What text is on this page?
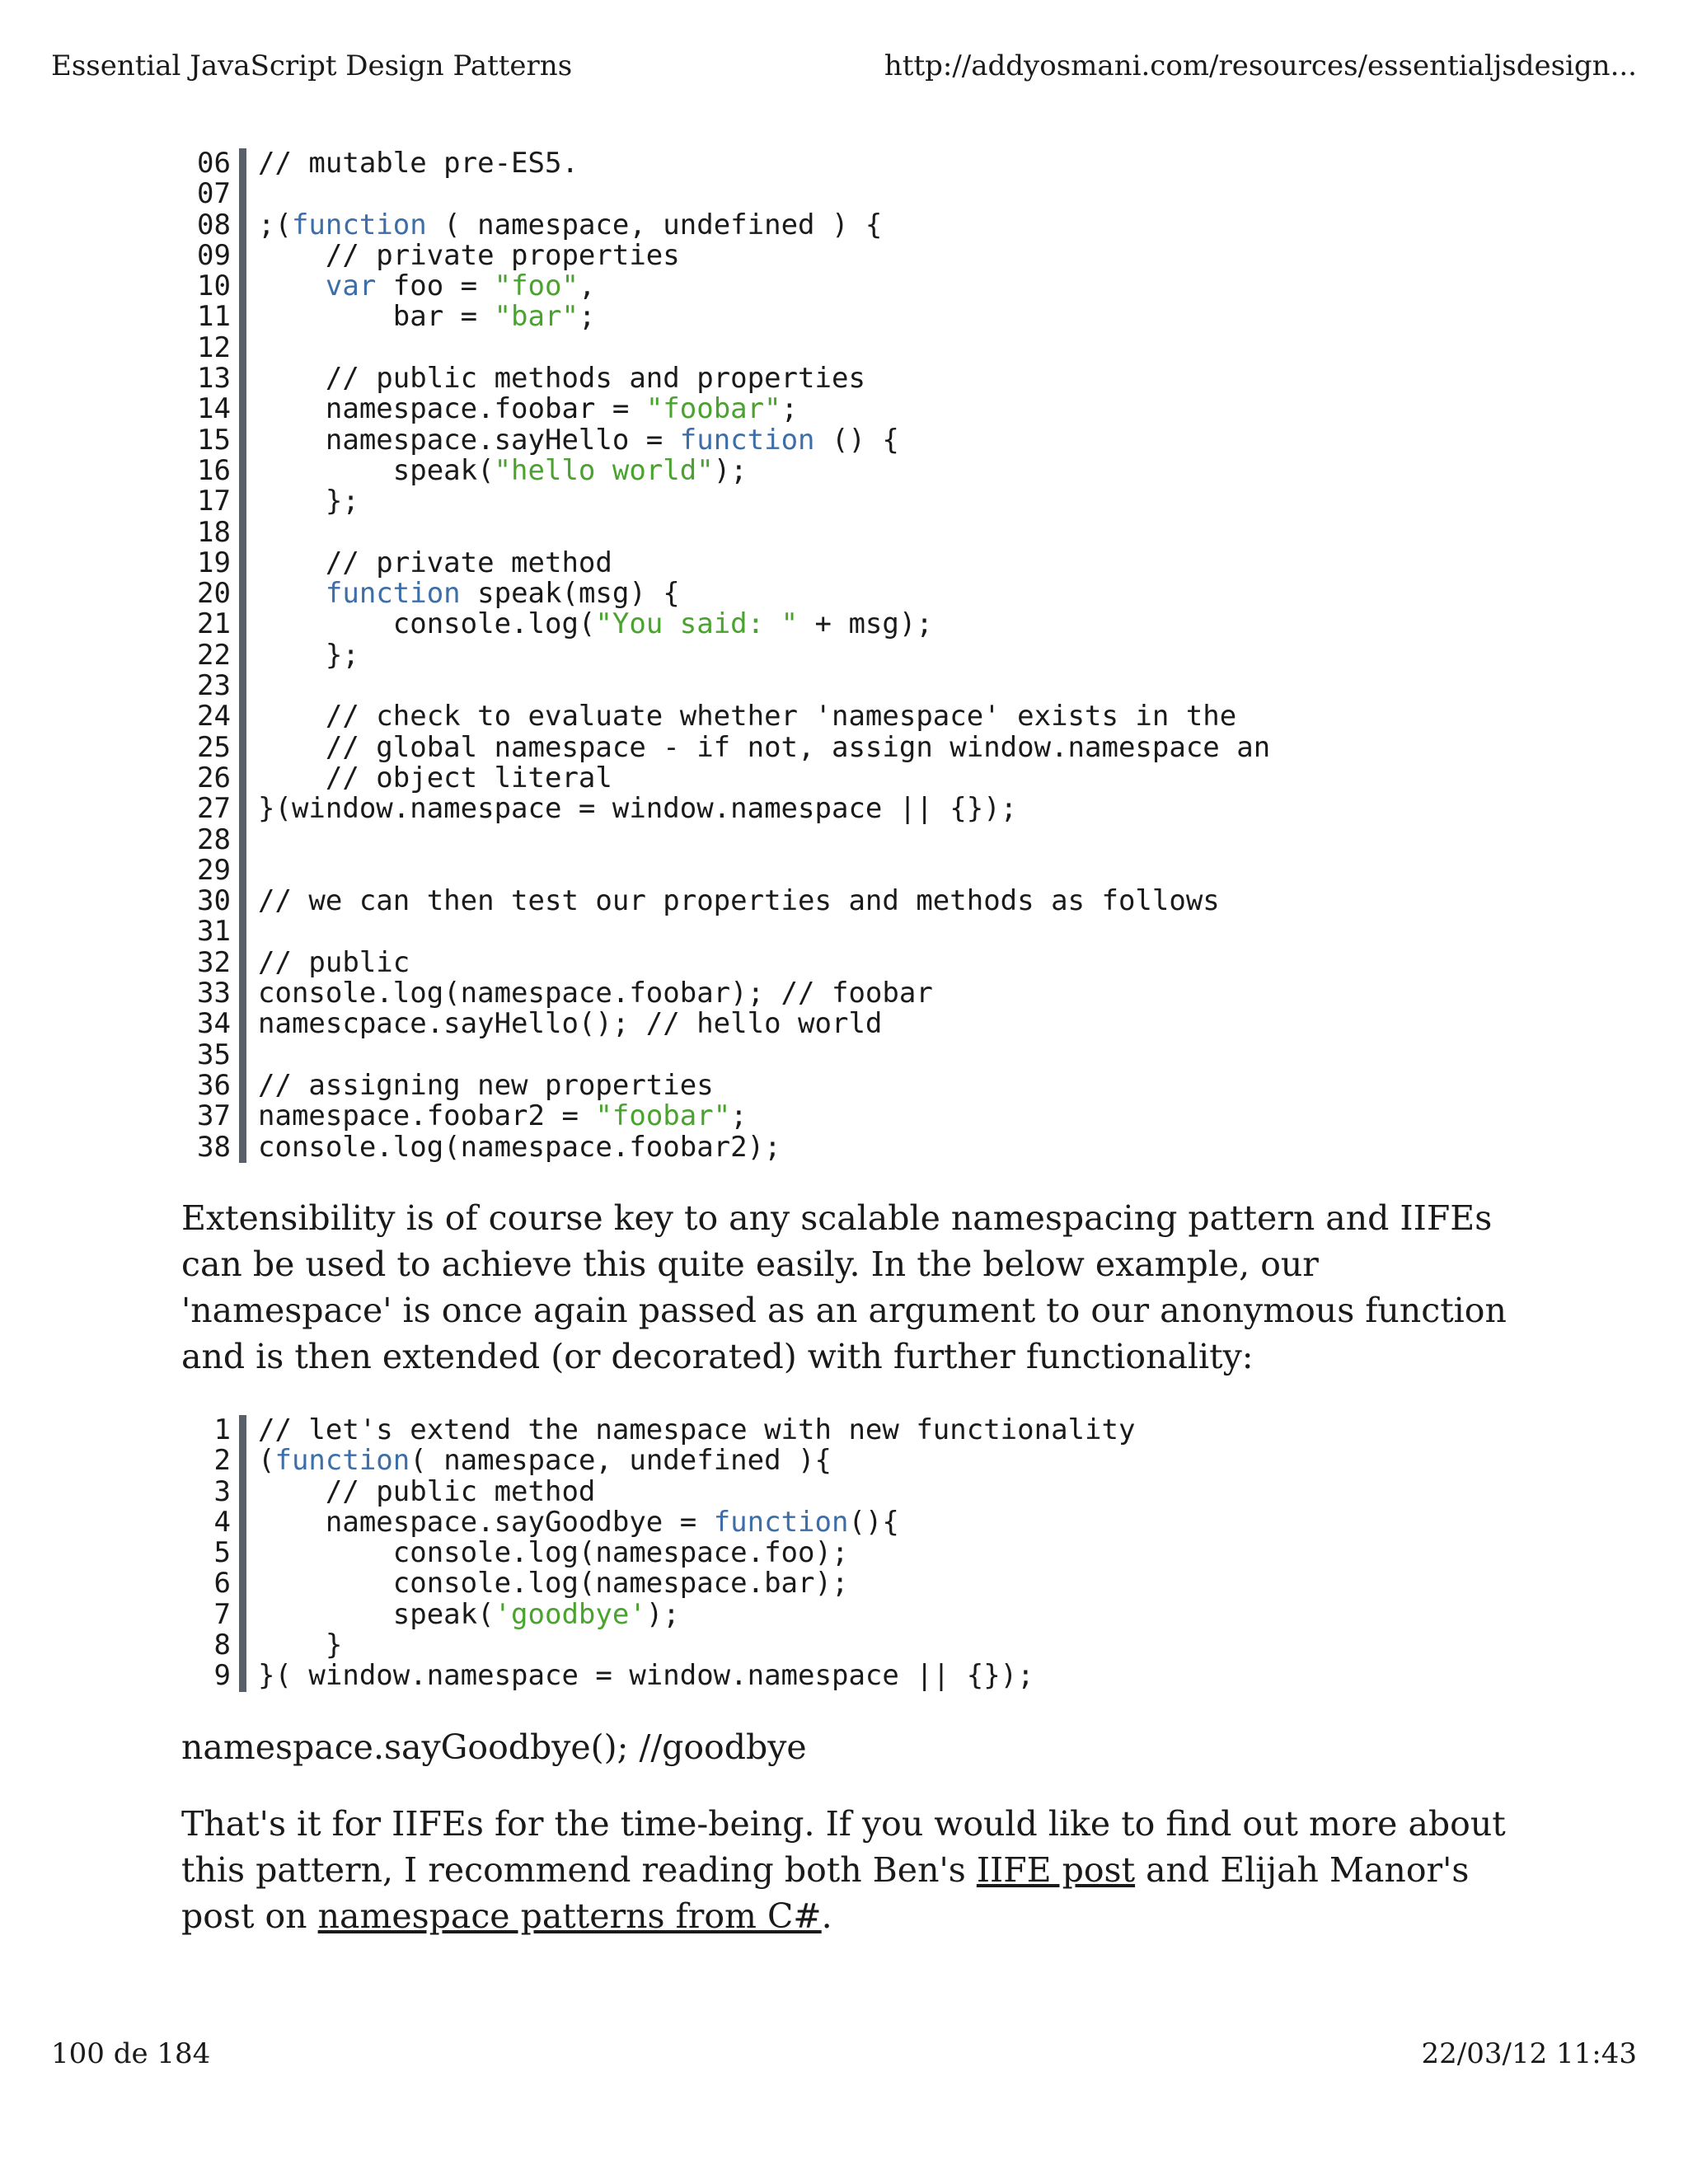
Essential JavaScript Design Patterns	http://addyosmani.com/resources/essentialjsdesign...
06 // mutable pre-ES5.
07
08 ;(function ( namespace, undefined ) {
09 // private properties
10	var foo = "foo",
11 bar = "bar";
12
13 // public methods and properties
14 namespace.foobar = "foobar";
15 namespace.sayHello = function () {
16 speak("hello world");
17 };
18
19 // private method
20	function speak(msg) {
21 console.log("You said: " + msg);
22 };
23
24 // check to evaluate whether 'namespace' exists in the
25 // global namespace - if not, assign window.namespace an
26 // object literal
27 }(window.namespace = window.namespace || {});
28
29
30 // we can then test our properties and methods as follows
31
32 // public
33 console.log(namespace.foobar); // foobar
34 namescpace.sayHello(); // hello world
35
36 // assigning new properties
37 namespace.foobar2 = "foobar";
38 console.log(namespace.foobar2);
Extensibility is of course key to any scalable namespacing pattern and IIFEs can be used to achieve this quite easily. In the below example, our 'namespace' is once again passed as an argument to our anonymous function and is then extended (or decorated) with further functionality:
1 // let's extend the namespace with new functionality
2 (function( namespace, undefined ){
3 // public method
4 namespace.sayGoodbye = function(){
5 console.log(namespace.foo);
6 console.log(namespace.bar);
7 speak('goodbye');
8 }
9 }( window.namespace = window.namespace || {});
namespace.sayGoodbye(); //goodbye
That's it for IIFEs for the time-being. If you would like to find out more about this pattern, I recommend reading both Ben's IIFE post and Elijah Manor's post on namespace patterns from C#.
100 de 184	22/03/12 11:43
